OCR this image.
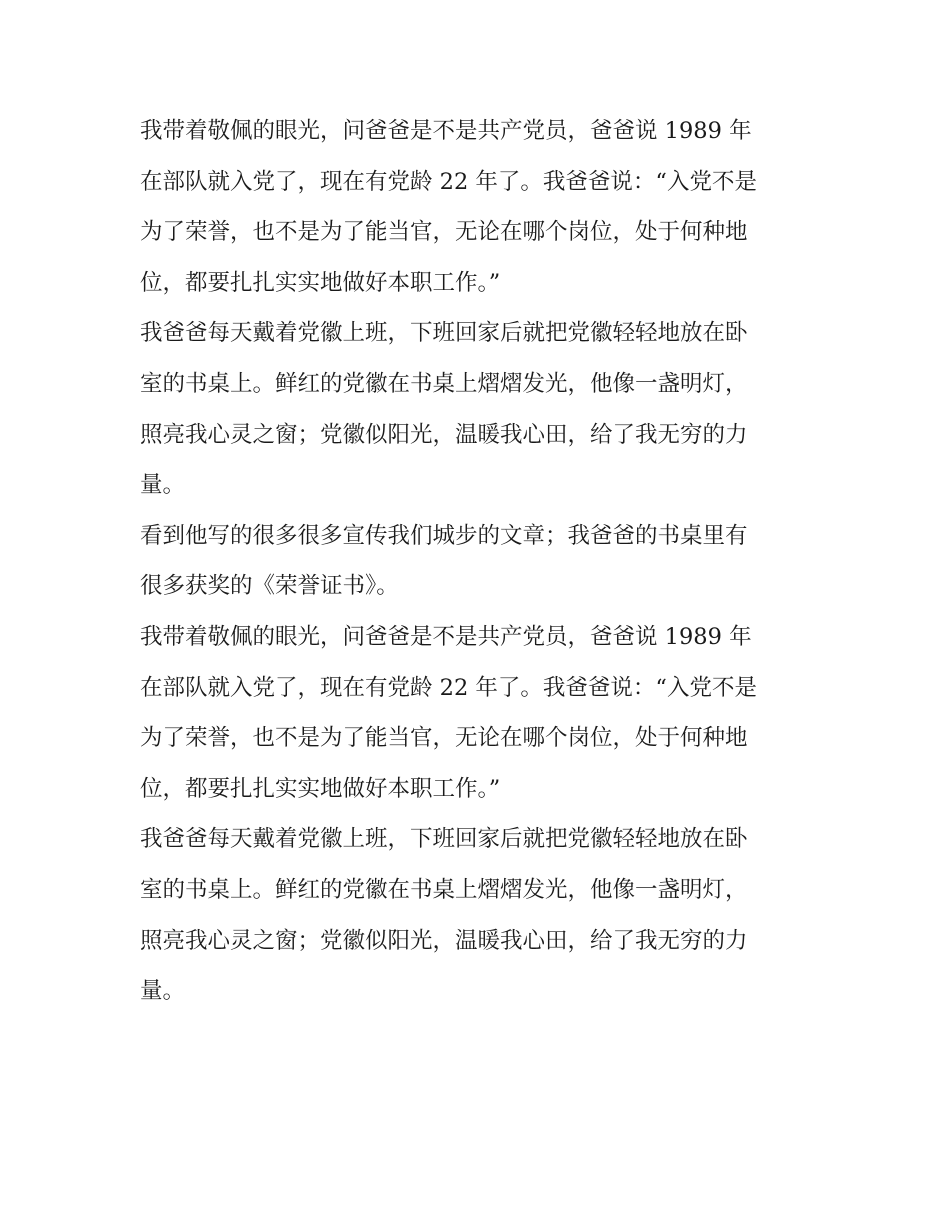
我带着敬佩的眼光，问爸爸是不是共产党员，爸爸说 1989 年
在部队就入党了，现在有党龄 22 年了。我爸爸说：“入党不是
为了荣誉，也不是为了能当官，无论在哪个岗位，处于何种地
位，都要扎扎实实地做好本职工作。”
我爸爸每天戴着党徽上班，下班回家后就把党徽轻轻地放在卧
室的书桌上。鲜红的党徽在书桌上熠熠发光，他像一盏明灯，
照亮我心灵之窗；党徽似阳光，温暖我心田，给了我无穷的力
量。
看到他写的很多很多宣传我们城步的文章；我爸爸的书桌里有
很多获奖的《荣誉证书》。
我带着敬佩的眼光，问爸爸是不是共产党员，爸爸说 1989 年
在部队就入党了，现在有党龄 22 年了。我爸爸说：“入党不是
为了荣誉，也不是为了能当官，无论在哪个岗位，处于何种地
位，都要扎扎实实地做好本职工作。”
我爸爸每天戴着党徽上班，下班回家后就把党徽轻轻地放在卧
室的书桌上。鲜红的党徽在书桌上熠熠发光，他像一盏明灯，
照亮我心灵之窗；党徽似阳光，温暖我心田，给了我无穷的力
量。
